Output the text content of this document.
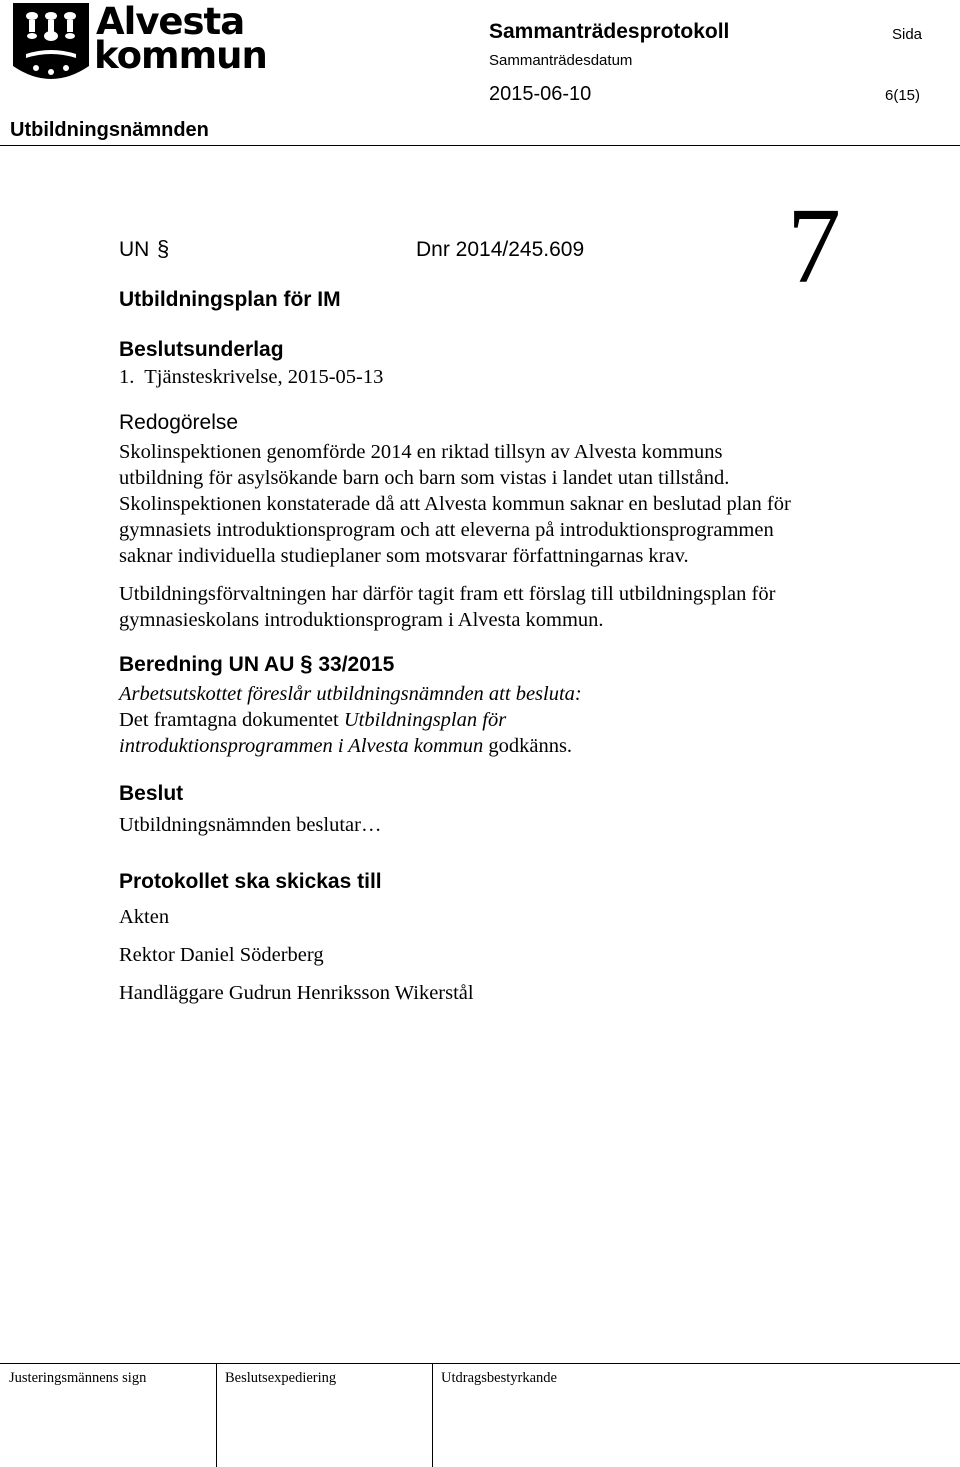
Alvesta
kommun
Sammanträdesprotokoll	Sida
Sammanträdesdatum
2015-06-10	6(15)
Utbildningsnämnden
7
UN §	Dnr 2014/245.609
Utbildningsplan för IM
Beslutsunderlag
1.  Tjänsteskrivelse, 2015-05-13
Redogörelse
Skolinspektionen genomförde 2014 en riktad tillsyn av Alvesta kommuns utbildning för asylsökande barn och barn som vistas i landet utan tillstånd. Skolinspektionen konstaterade då att Alvesta kommun saknar en beslutad plan för gymnasiets introduktionsprogram och att eleverna på introduktionsprogrammen saknar individuella studieplaner som motsvarar författningarnas krav.
Utbildningsförvaltningen har därför tagit fram ett förslag till utbildningsplan för gymnasieskolans introduktionsprogram i Alvesta kommun.
Beredning UN AU § 33/2015
Arbetsutskottet föreslår utbildningsnämnden att besluta:
Det framtagna dokumentet Utbildningsplan för introduktionsprogrammen i Alvesta kommun godkänns.
Beslut
Utbildningsnämnden beslutar…
Protokollet ska skickas till
Akten
Rektor Daniel Söderberg
Handläggare Gudrun Henriksson Wikerstål
Justeringsmännens sign	Beslutsexpediering	Utdragsbestyrkande
